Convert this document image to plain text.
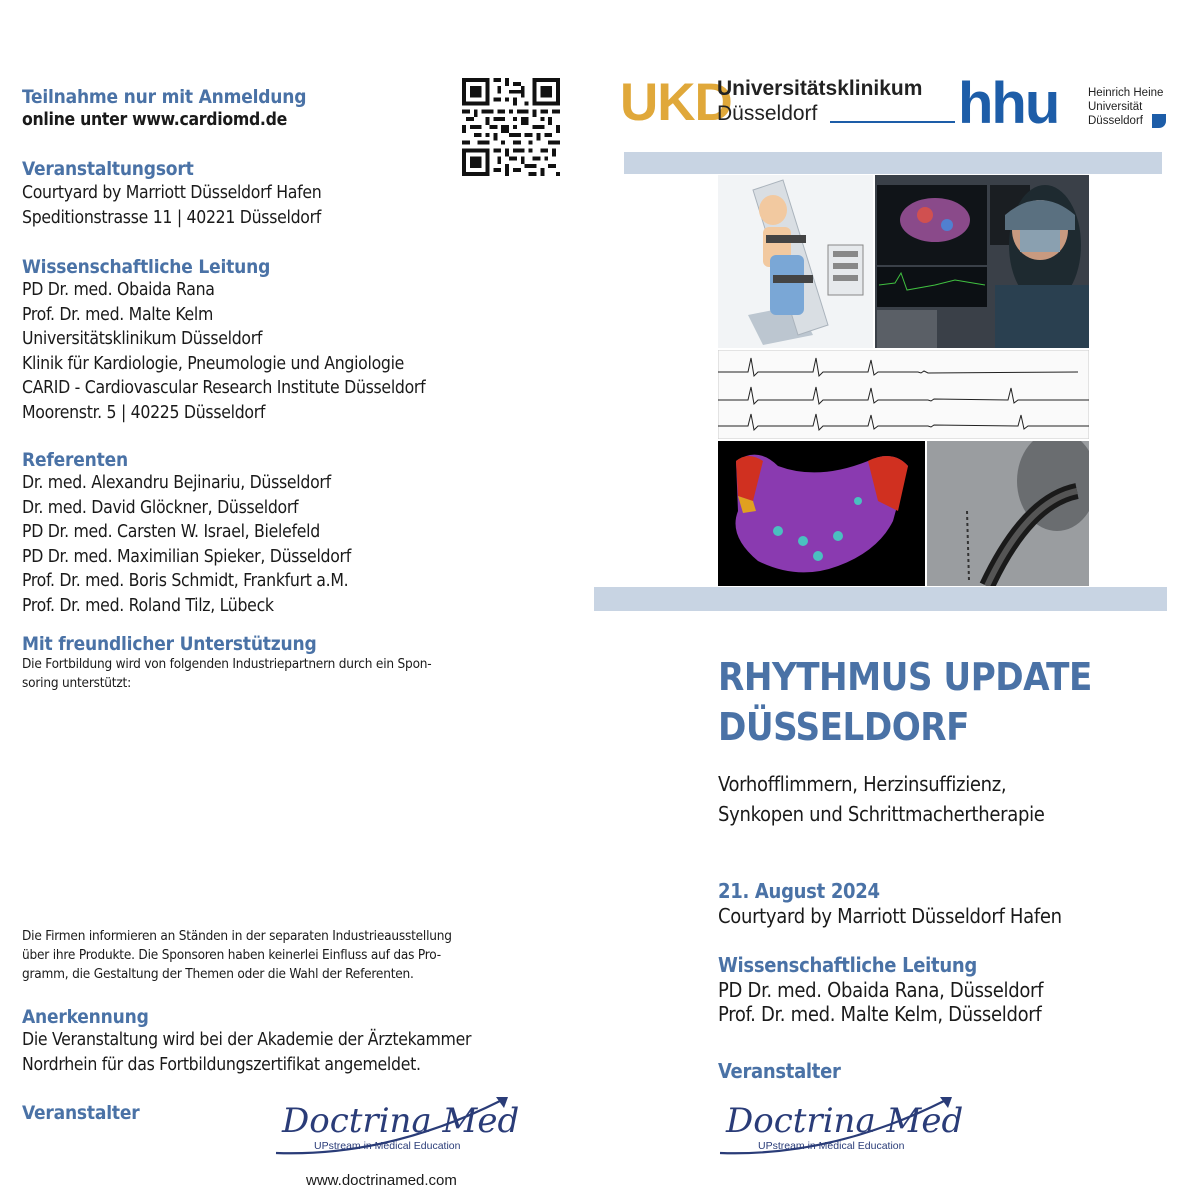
Teilnahme nur mit Anmeldung
online unter www.cardiomd.de
Veranstaltungsort
Courtyard by Marriott Düsseldorf Hafen
Speditionstrasse 11 | 40221 Düsseldorf
Wissenschaftliche Leitung
PD Dr. med. Obaida Rana
Prof. Dr. med. Malte Kelm
Universitätsklinikum Düsseldorf
Klinik für Kardiologie, Pneumologie und Angiologie
CARID - Cardiovascular Research Institute Düsseldorf
Moorenstr. 5 | 40225 Düsseldorf
Referenten
Dr. med. Alexandru Bejinariu, Düsseldorf
Dr. med. David Glöckner, Düsseldorf
PD Dr. med. Carsten W. Israel, Bielefeld
PD Dr. med. Maximilian Spieker, Düsseldorf
Prof. Dr. med. Boris Schmidt, Frankfurt a.M.
Prof. Dr. med. Roland Tilz, Lübeck
Mit freundlicher Unterstützung
Die Fortbildung wird von folgenden Industriepartnern durch ein Spon-
soring unterstützt:
Die Firmen informieren an Ständen in der separaten Industrieausstellung
über ihre Produkte. Die Sponsoren haben keinerlei Einfluss auf das Pro-
gramm, die Gestaltung der Themen oder die Wahl der Referenten.
Anerkennung
Die Veranstaltung wird bei der Akademie der Ärztekammer
Nordrhein für das Fortbildungszertifikat angemeldet.
Veranstalter	Doctrina Med
UPstream in Medical Education
www.doctrinamed.com
UKD
Universitätsklinikum
Düsseldorf	hhu	Heinrich Heine
Universität
Düsseldorf
RHYTHMUS UPDATE
DÜSSELDORF
Vorhofflimmern, Herzinsuffizienz,
Synkopen und Schrittmachertherapie
21. August 2024
Courtyard by Marriott Düsseldorf Hafen
Wissenschaftliche Leitung
PD Dr. med. Obaida Rana, Düsseldorf
Prof. Dr. med. Malte Kelm, Düsseldorf
Veranstalter
Doctrina Med
UPstream in Medical Education
